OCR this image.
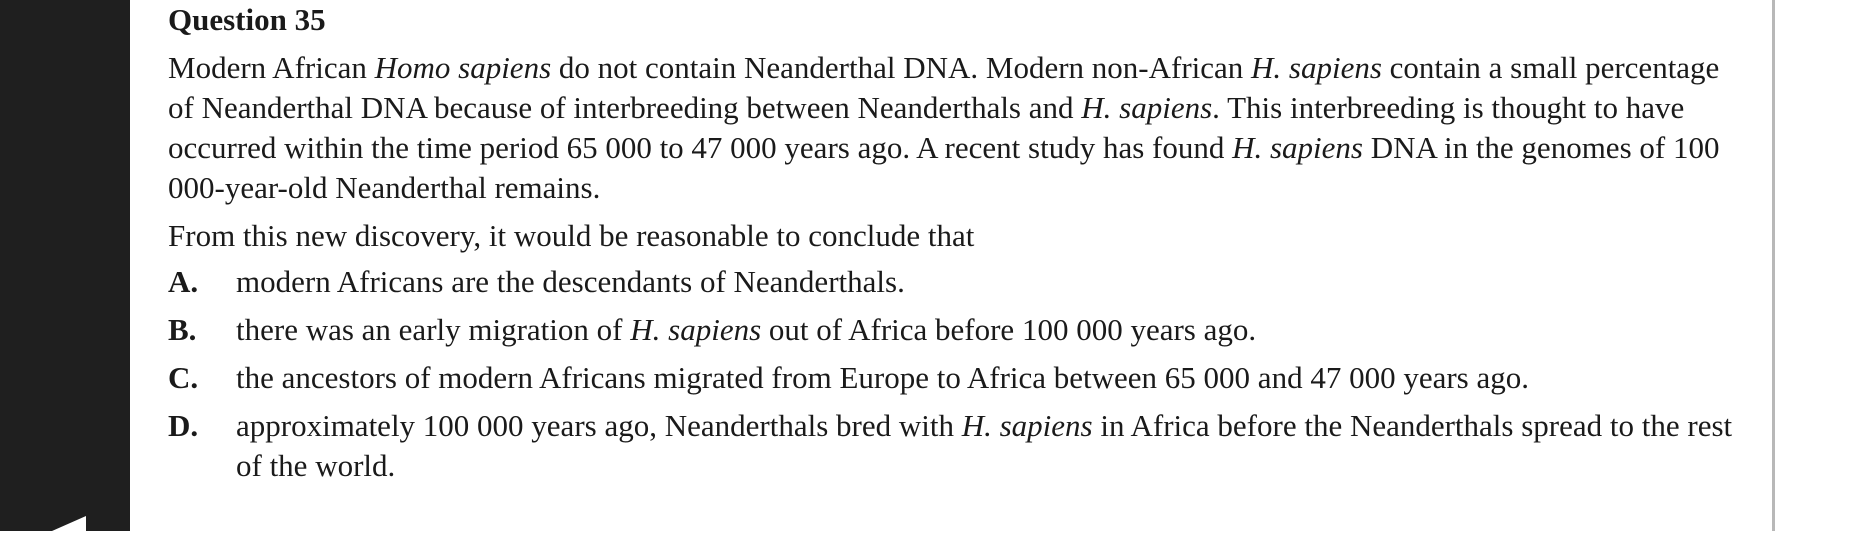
Question 35

Modern African Homo sapiens do not contain Neanderthal DNA. Modern non-African H. sapiens contain a small percentage of Neanderthal DNA because of interbreeding between Neanderthals and H. sapiens. This interbreeding is thought to have occurred within the time period 65 000 to 47 000 years ago. A recent study has found H. sapiens DNA in the genomes of 100 000-year-old Neanderthal remains.

From this new discovery, it would be reasonable to conclude that

A.	modern Africans are the descendants of Neanderthals.
B.	there was an early migration of H. sapiens out of Africa before 100 000 years ago.
C.	the ancestors of modern Africans migrated from Europe to Africa between 65 000 and 47 000 years ago.
D.	approximately 100 000 years ago, Neanderthals bred with H. sapiens in Africa before the Neanderthals spread to the rest of the world.
